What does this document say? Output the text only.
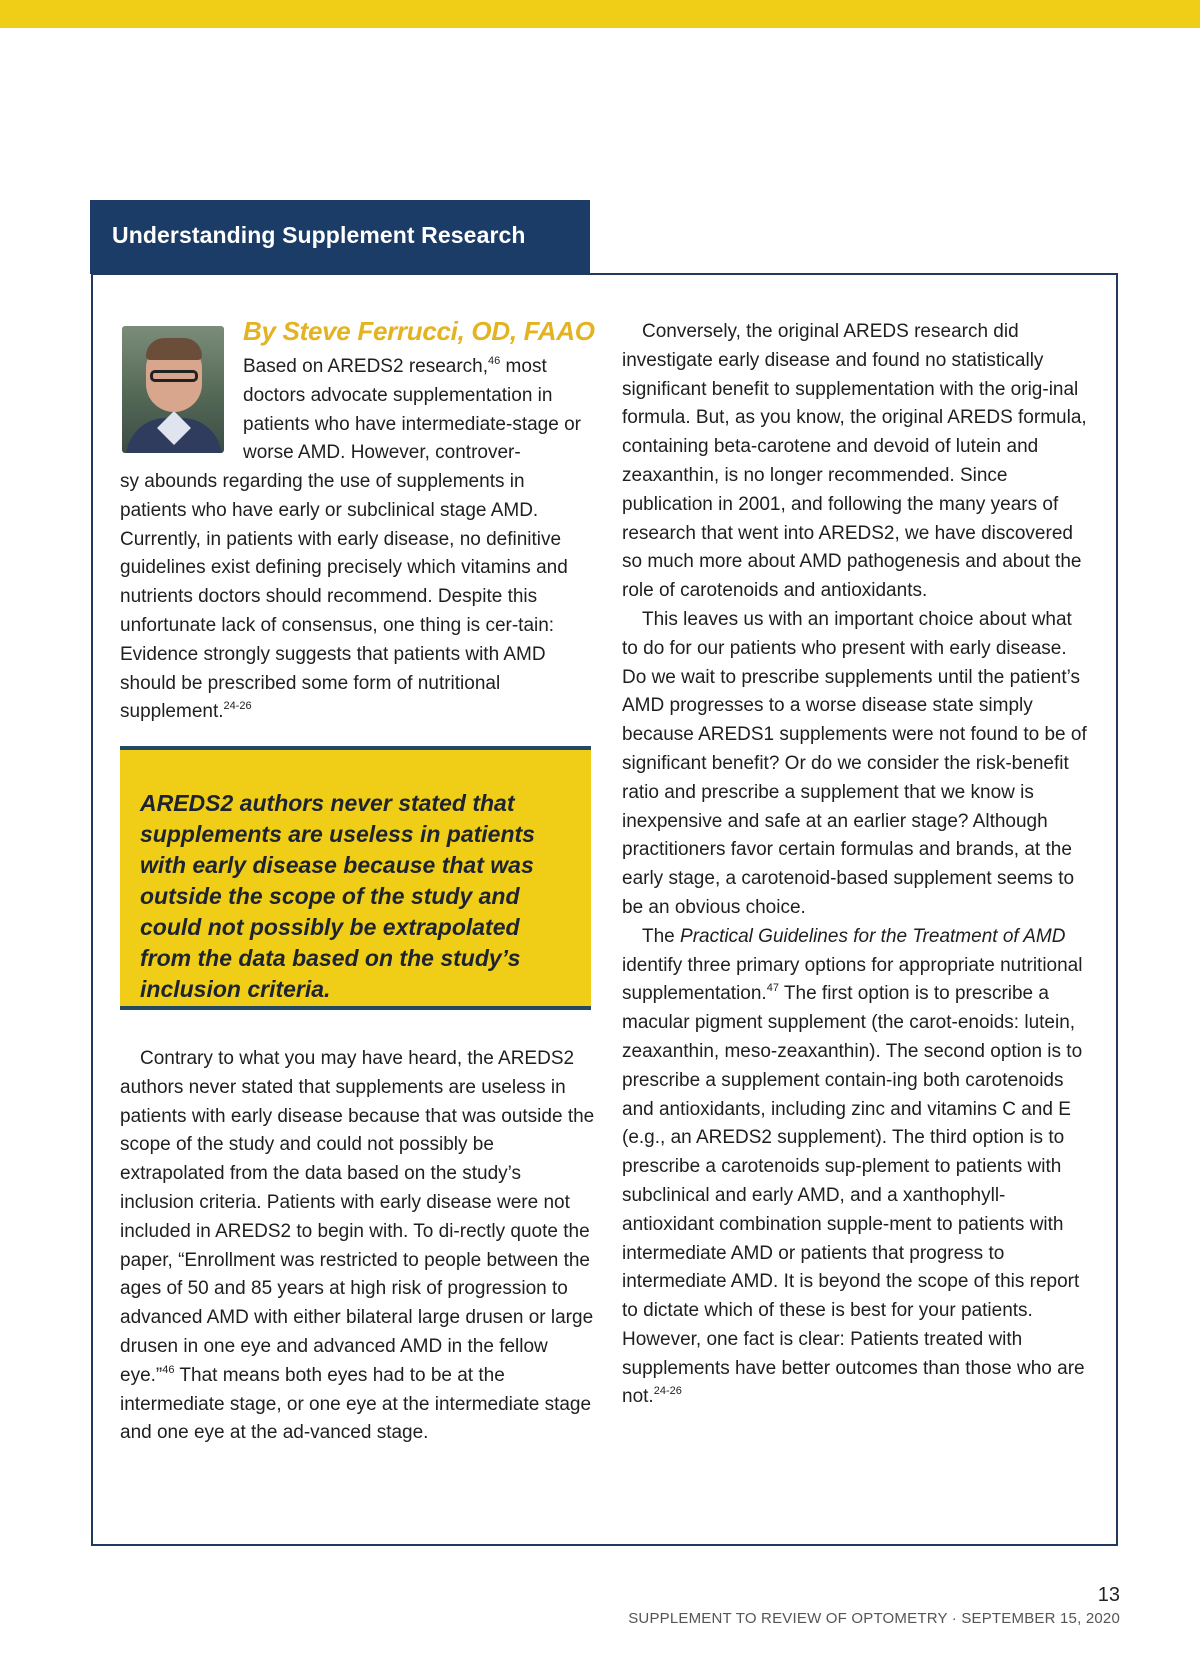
Understanding Supplement Research
By Steve Ferrucci, OD, FAAO
Based on AREDS2 research,$^{46}$ most doctors advocate supplementation in patients who have intermediate-stage or worse AMD. However, controver-
sy abounds regarding the use of supplements in patients who have early or subclinical stage AMD. Currently, in patients with early disease, no definitive guidelines exist defining precisely which vitamins and nutrients doctors should recommend. Despite this unfortunate lack of consensus, one thing is cer-tain: Evidence strongly suggests that patients with AMD should be prescribed some form of nutritional supplement.$^{24-26}$
AREDS2 authors never stated that supplements are useless in patients with early disease because that was outside the scope of the study and could not possibly be extrapolated from the data based on the study’s inclusion criteria.

Contrary to what you may have heard, the AREDS2 authors never stated that supplements are useless in patients with early disease because that was outside the scope of the study and could not possibly be extrapolated from the data based on the study’s inclusion criteria. Patients with early disease were not included in AREDS2 to begin with. To di-rectly quote the paper, “Enrollment was restricted to people between the ages of 50 and 85 years at high risk of progression to advanced AMD with either bilateral large drusen or large drusen in one eye and advanced AMD in the fellow eye.”$^{46}$ That means both eyes had to be at the intermediate stage, or one eye at the intermediate stage and one eye at the ad-vanced stage.

Conversely, the original AREDS research did investigate early disease and found no statistically significant benefit to supplementation with the orig-inal formula. But, as you know, the original AREDS formula, containing beta-carotene and devoid of lutein and zeaxanthin, is no longer recommended. Since publication in 2001, and following the many years of research that went into AREDS2, we have discovered so much more about AMD pathogenesis and about the role of carotenoids and antioxidants.

This leaves us with an important choice about what to do for our patients who present with early disease. Do we wait to prescribe supplements until the patient’s AMD progresses to a worse disease state simply because AREDS1 supplements were not found to be of significant benefit? Or do we consider the risk-benefit ratio and prescribe a supplement that we know is inexpensive and safe at an earlier stage? Although practitioners favor certain formulas and brands, at the early stage, a carotenoid-based supplement seems to be an obvious choice.

The Practical Guidelines for the Treatment of AMD identify three primary options for appropriate nutritional supplementation.$^{47}$ The first option is to prescribe a macular pigment supplement (the carot-enoids: lutein, zeaxanthin, meso-zeaxanthin). The second option is to prescribe a supplement contain-ing both carotenoids and antioxidants, including zinc and vitamins C and E (e.g., an AREDS2 supplement). The third option is to prescribe a carotenoids sup-plement to patients with subclinical and early AMD, and a xanthophyll-antioxidant combination supple-ment to patients with intermediate AMD or patients that progress to intermediate AMD. It is beyond the scope of this report to dictate which of these is best for your patients. However, one fact is clear: Patients treated with supplements have better outcomes than those who are not.$^{24-26}$

13
SUPPLEMENT TO REVIEW OF OPTOMETRY · SEPTEMBER 15, 2020
